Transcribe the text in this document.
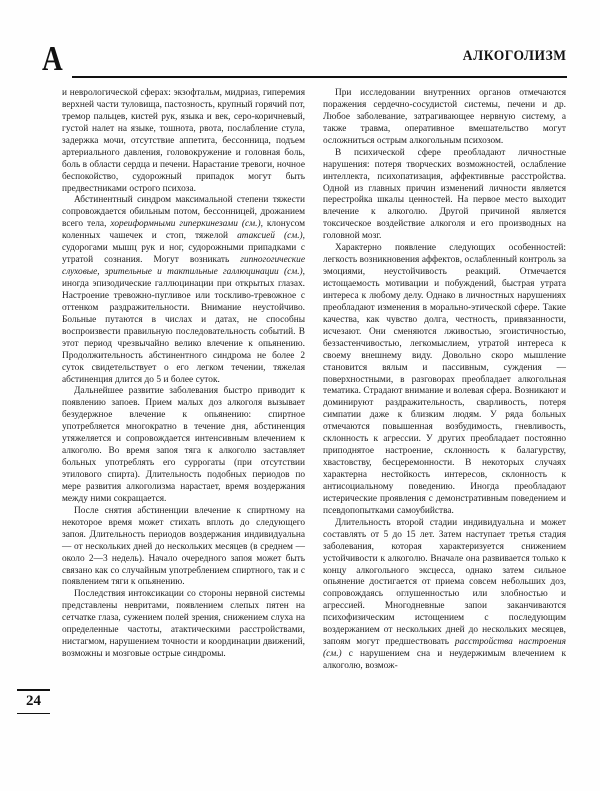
А	АЛКОГОЛИЗМ
24

и неврологической сферах: экзофтальм, мидриаз, гиперемия верхней части туловища, пастозность, крупный горячий пот, тремор пальцев, кистей рук, языка и век, серо-коричневый, густой налет на языке, тошнота, рвота, послабление стула, задержка мочи, отсутствие аппетита, бессонница, подъем артериального давления, головокружение и головная боль, боль в области сердца и печени. Нарастание тревоги, ночное беспокойство, судорожный припадок могут быть предвестниками острого психоза.

Абстинентный синдром максимальной степени тяжести сопровождается обильным потом, бессонницей, дрожанием всего тела, хореиформными гиперкинезами (см.), клонусом коленных чашечек и стоп, тяжелой атаксией (см.), судорогами мышц рук и ног, судорожными припадками с утратой сознания. Могут возникать гипногогические слуховые, зрительные и тактильные галлюцинации (см.), иногда эпизодические галлюцинации при открытых глазах. Настроение тревожно-пугливое или тоскливо-тревожное с оттенком раздражительности. Внимание неустойчиво. Больные путаются в числах и датах, не способны воспроизвести правильную последовательность событий. В этот период чрезвычайно велико влечение к опьянению. Продолжительность абстинентного синдрома не более 2 суток свидетельствует о его легком течении, тяжелая абстиненция длится до 5 и более суток.

Дальнейшее развитие заболевания быстро приводит к появлению запоев. Прием малых доз алкоголя вызывает безудержное влечение к опьянению: спиртное употребляется многократно в течение дня, абстиненция утяжеляется и сопровождается интенсивным влечением к алкоголю. Во время запоя тяга к алкоголю заставляет больных употреблять его суррогаты (при отсутствии этилового спирта). Длительность подобных периодов по мере развития алкоголизма нарастает, время воздержания между ними сокращается.

После снятия абстиненции влечение к спиртному на некоторое время может стихать вплоть до следующего запоя. Длительность периодов воздержания индивидуальна — от нескольких дней до нескольких месяцев (в среднем — около 2—3 недель). Начало очередного запоя может быть связано как со случайным употреблением спиртного, так и с появлением тяги к опьянению.

Последствия интоксикации со стороны нервной системы представлены невритами, появлением слепых пятен на сетчатке глаза, сужением полей зрения, снижением слуха на определенные частоты, атактическими расстройствами, нистагмом, нарушением точности и координации движений, возможны и мозговые острые синдромы.

При исследовании внутренних органов отмечаются поражения сердечно-сосудистой системы, печени и др. Любое заболевание, затрагивающее нервную систему, а также травма, оперативное вмешательство могут осложниться острым алкогольным психозом.

В психической сфере преобладают личностные нарушения: потеря творческих возможностей, ослабление интеллекта, психопатизация, аффективные расстройства. Одной из главных причин изменений личности является перестройка шкалы ценностей. На первое место выходит влечение к алкоголю. Другой причиной является токсическое воздействие алкоголя и его производных на головной мозг.

Характерно появление следующих особенностей: легкость возникновения аффектов, ослабленный контроль за эмоциями, неустойчивость реакций. Отмечается истощаемость мотивации и побуждений, быстрая утрата интереса к любому делу. Однако в личностных нарушениях преобладают изменения в морально-этической сфере. Такие качества, как чувство долга, честность, привязанности, исчезают. Они сменяются лживостью, эгоистичностью, беззастенчивостью, легкомыслием, утратой интереса к своему внешнему виду. Довольно скоро мышление становится вялым и пассивным, суждения — поверхностными, в разговорах преобладает алкогольная тематика. Страдают внимание и волевая сфера. Возникают и доминируют раздражительность, сварливость, потеря симпатии даже к близким людям. У ряда больных отмечаются повышенная возбудимость, гневливость, склонность к агрессии. У других преобладает постоянно приподнятое настроение, склонность к балагурству, хвастовству, бесцеремонности. В некоторых случаях характерна нестойкость интересов, склонность к антисоциальному поведению. Иногда преобладают истерические проявления с демонстративным поведением и псевдопопытками самоубийства.

Длительность второй стадии индивидуальна и может составлять от 5 до 15 лет. Затем наступает третья стадия заболевания, которая характеризуется снижением устойчивости к алкоголю. Вначале она развивается только к концу алкогольного эксцесса, однако затем сильное опьянение достигается от приема совсем небольших доз, сопровождаясь оглушенностью или злобностью и агрессией. Многодневные запои заканчиваются психофизическим истощением с последующим воздержанием от нескольких дней до нескольких месяцев, запоям могут предшествовать расстройства настроения (см.) с нарушением сна и неудержимым влечением к алкоголю, возмож-
